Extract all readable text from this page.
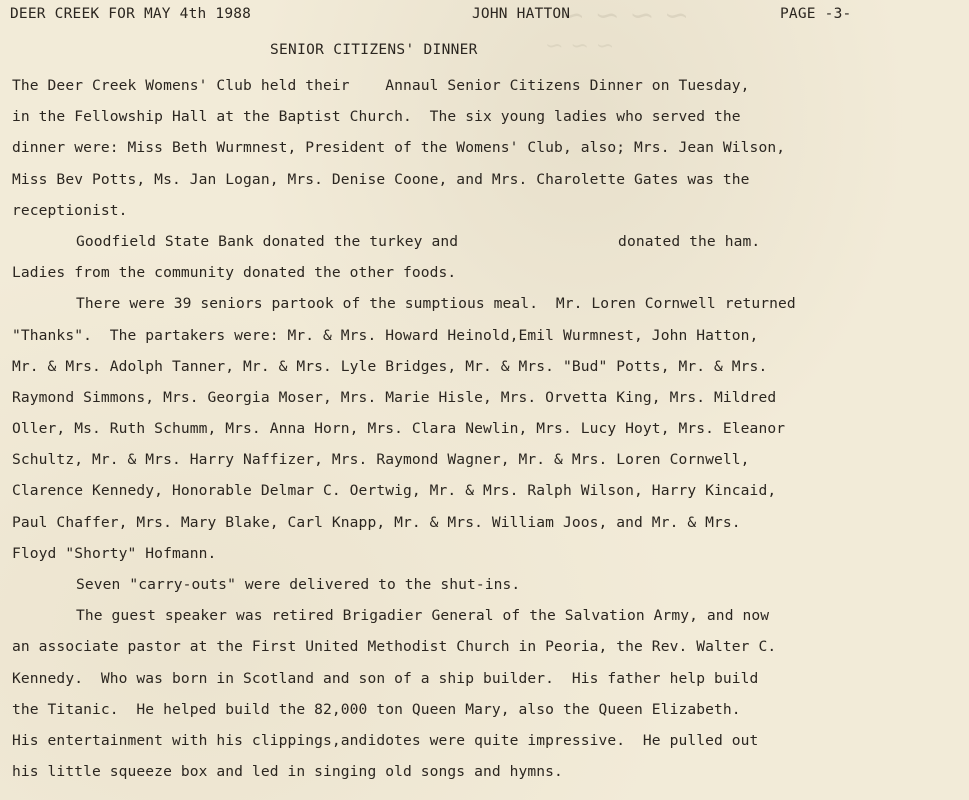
~ ~ ~ ~
~ ~ ~
DEER CREEK FOR MAY 4th 1988	JOHN HATTON	PAGE -3-
SENIOR CITIZENS' DINNER
The Deer Creek Womens' Club held their    Annaul Senior Citizens Dinner on Tuesday,
in the Fellowship Hall at the Baptist Church.  The six young ladies who served the
dinner were: Miss Beth Wurmnest, President of the Womens' Club, also; Mrs. Jean Wilson,
Miss Bev Potts, Ms. Jan Logan, Mrs. Denise Coone, and Mrs. Charolette Gates was the
receptionist.
Goodfield State Bank donated the turkey and                  donated the ham.
Ladies from the community donated the other foods.
There were 39 seniors partook of the sumptious meal.  Mr. Loren Cornwell returned
"Thanks".  The partakers were: Mr. & Mrs. Howard Heinold,Emil Wurmnest, John Hatton,
Mr. & Mrs. Adolph Tanner, Mr. & Mrs. Lyle Bridges, Mr. & Mrs. "Bud" Potts, Mr. & Mrs.
Raymond Simmons, Mrs. Georgia Moser, Mrs. Marie Hisle, Mrs. Orvetta King, Mrs. Mildred
Oller, Ms. Ruth Schumm, Mrs. Anna Horn, Mrs. Clara Newlin, Mrs. Lucy Hoyt, Mrs. Eleanor
Schultz, Mr. & Mrs. Harry Naffizer, Mrs. Raymond Wagner, Mr. & Mrs. Loren Cornwell,
Clarence Kennedy, Honorable Delmar C. Oertwig, Mr. & Mrs. Ralph Wilson, Harry Kincaid,
Paul Chaffer, Mrs. Mary Blake, Carl Knapp, Mr. & Mrs. William Joos, and Mr. & Mrs.
Floyd "Shorty" Hofmann.
Seven "carry-outs" were delivered to the shut-ins.
The guest speaker was retired Brigadier General of the Salvation Army, and now
an associate pastor at the First United Methodist Church in Peoria, the Rev. Walter C.
Kennedy.  Who was born in Scotland and son of a ship builder.  His father help build
the Titanic.  He helped build the 82,000 ton Queen Mary, also the Queen Elizabeth.
His entertainment with his clippings,andidotes were quite impressive.  He pulled out
his little squeeze box and led in singing old songs and hymns.
